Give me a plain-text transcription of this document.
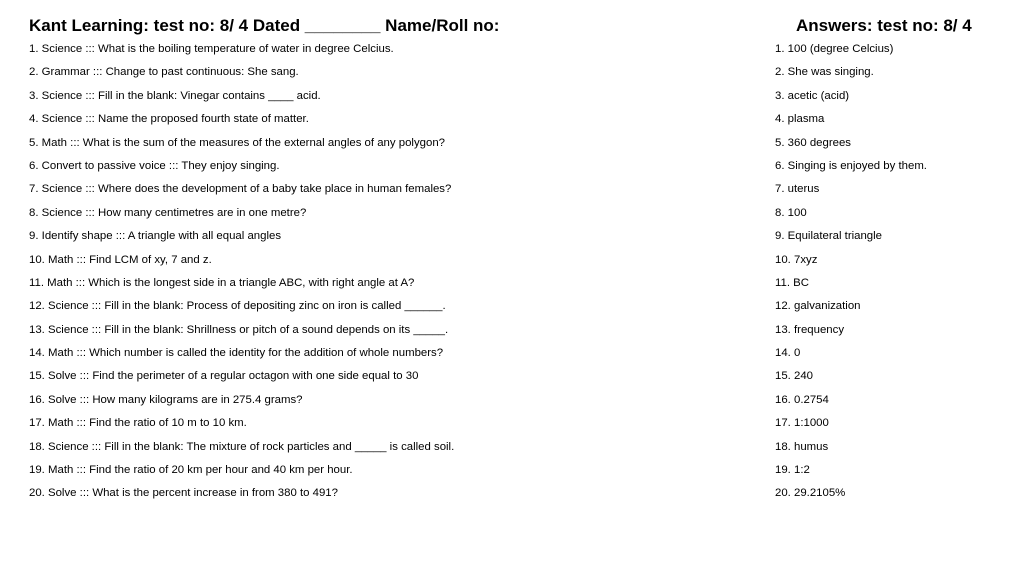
Kant Learning: test no: 8/ 4 Dated ________ Name/Roll no:	Answers: test no: 8/ 4
1. Science ::: What is the boiling temperature of water in degree Celcius.
2. Grammar ::: Change to past continuous: She sang.
3. Science ::: Fill in the blank: Vinegar contains ____ acid.
4. Science ::: Name the proposed fourth state of matter.
5. Math ::: What is the sum of the measures of the external angles of any polygon?
6. Convert to passive voice ::: They enjoy singing.
7. Science ::: Where does the development of a baby take place in human females?
8. Science ::: How many centimetres are in one metre?
9. Identify shape ::: A triangle with all equal angles
10. Math ::: Find LCM of xy, 7 and z.
11. Math ::: Which is the longest side in a triangle ABC, with right angle at A?
12. Science ::: Fill in the blank: Process of depositing zinc on iron is called ______.
13. Science ::: Fill in the blank: Shrillness or pitch of a sound depends on its _____.
14. Math ::: Which number is called the identity for the addition of whole numbers?
15. Solve ::: Find the perimeter of a regular octagon with one side equal to 30
16. Solve ::: How many kilograms are in 275.4 grams?
17. Math ::: Find the ratio of 10 m to 10 km.
18. Science ::: Fill in the blank: The mixture of rock particles and _____ is called soil.
19. Math ::: Find the ratio of 20 km per hour and 40 km per hour.
20. Solve ::: What is the percent increase in from 380 to 491?
1. 100 (degree Celcius)
2. She was singing.
3. acetic (acid)
4. plasma
5. 360 degrees
6. Singing is enjoyed by them.
7. uterus
8. 100
9. Equilateral triangle
10. 7xyz
11. BC
12. galvanization
13. frequency
14. 0
15. 240
16. 0.2754
17. 1:1000
18. humus
19. 1:2
20. 29.2105%
